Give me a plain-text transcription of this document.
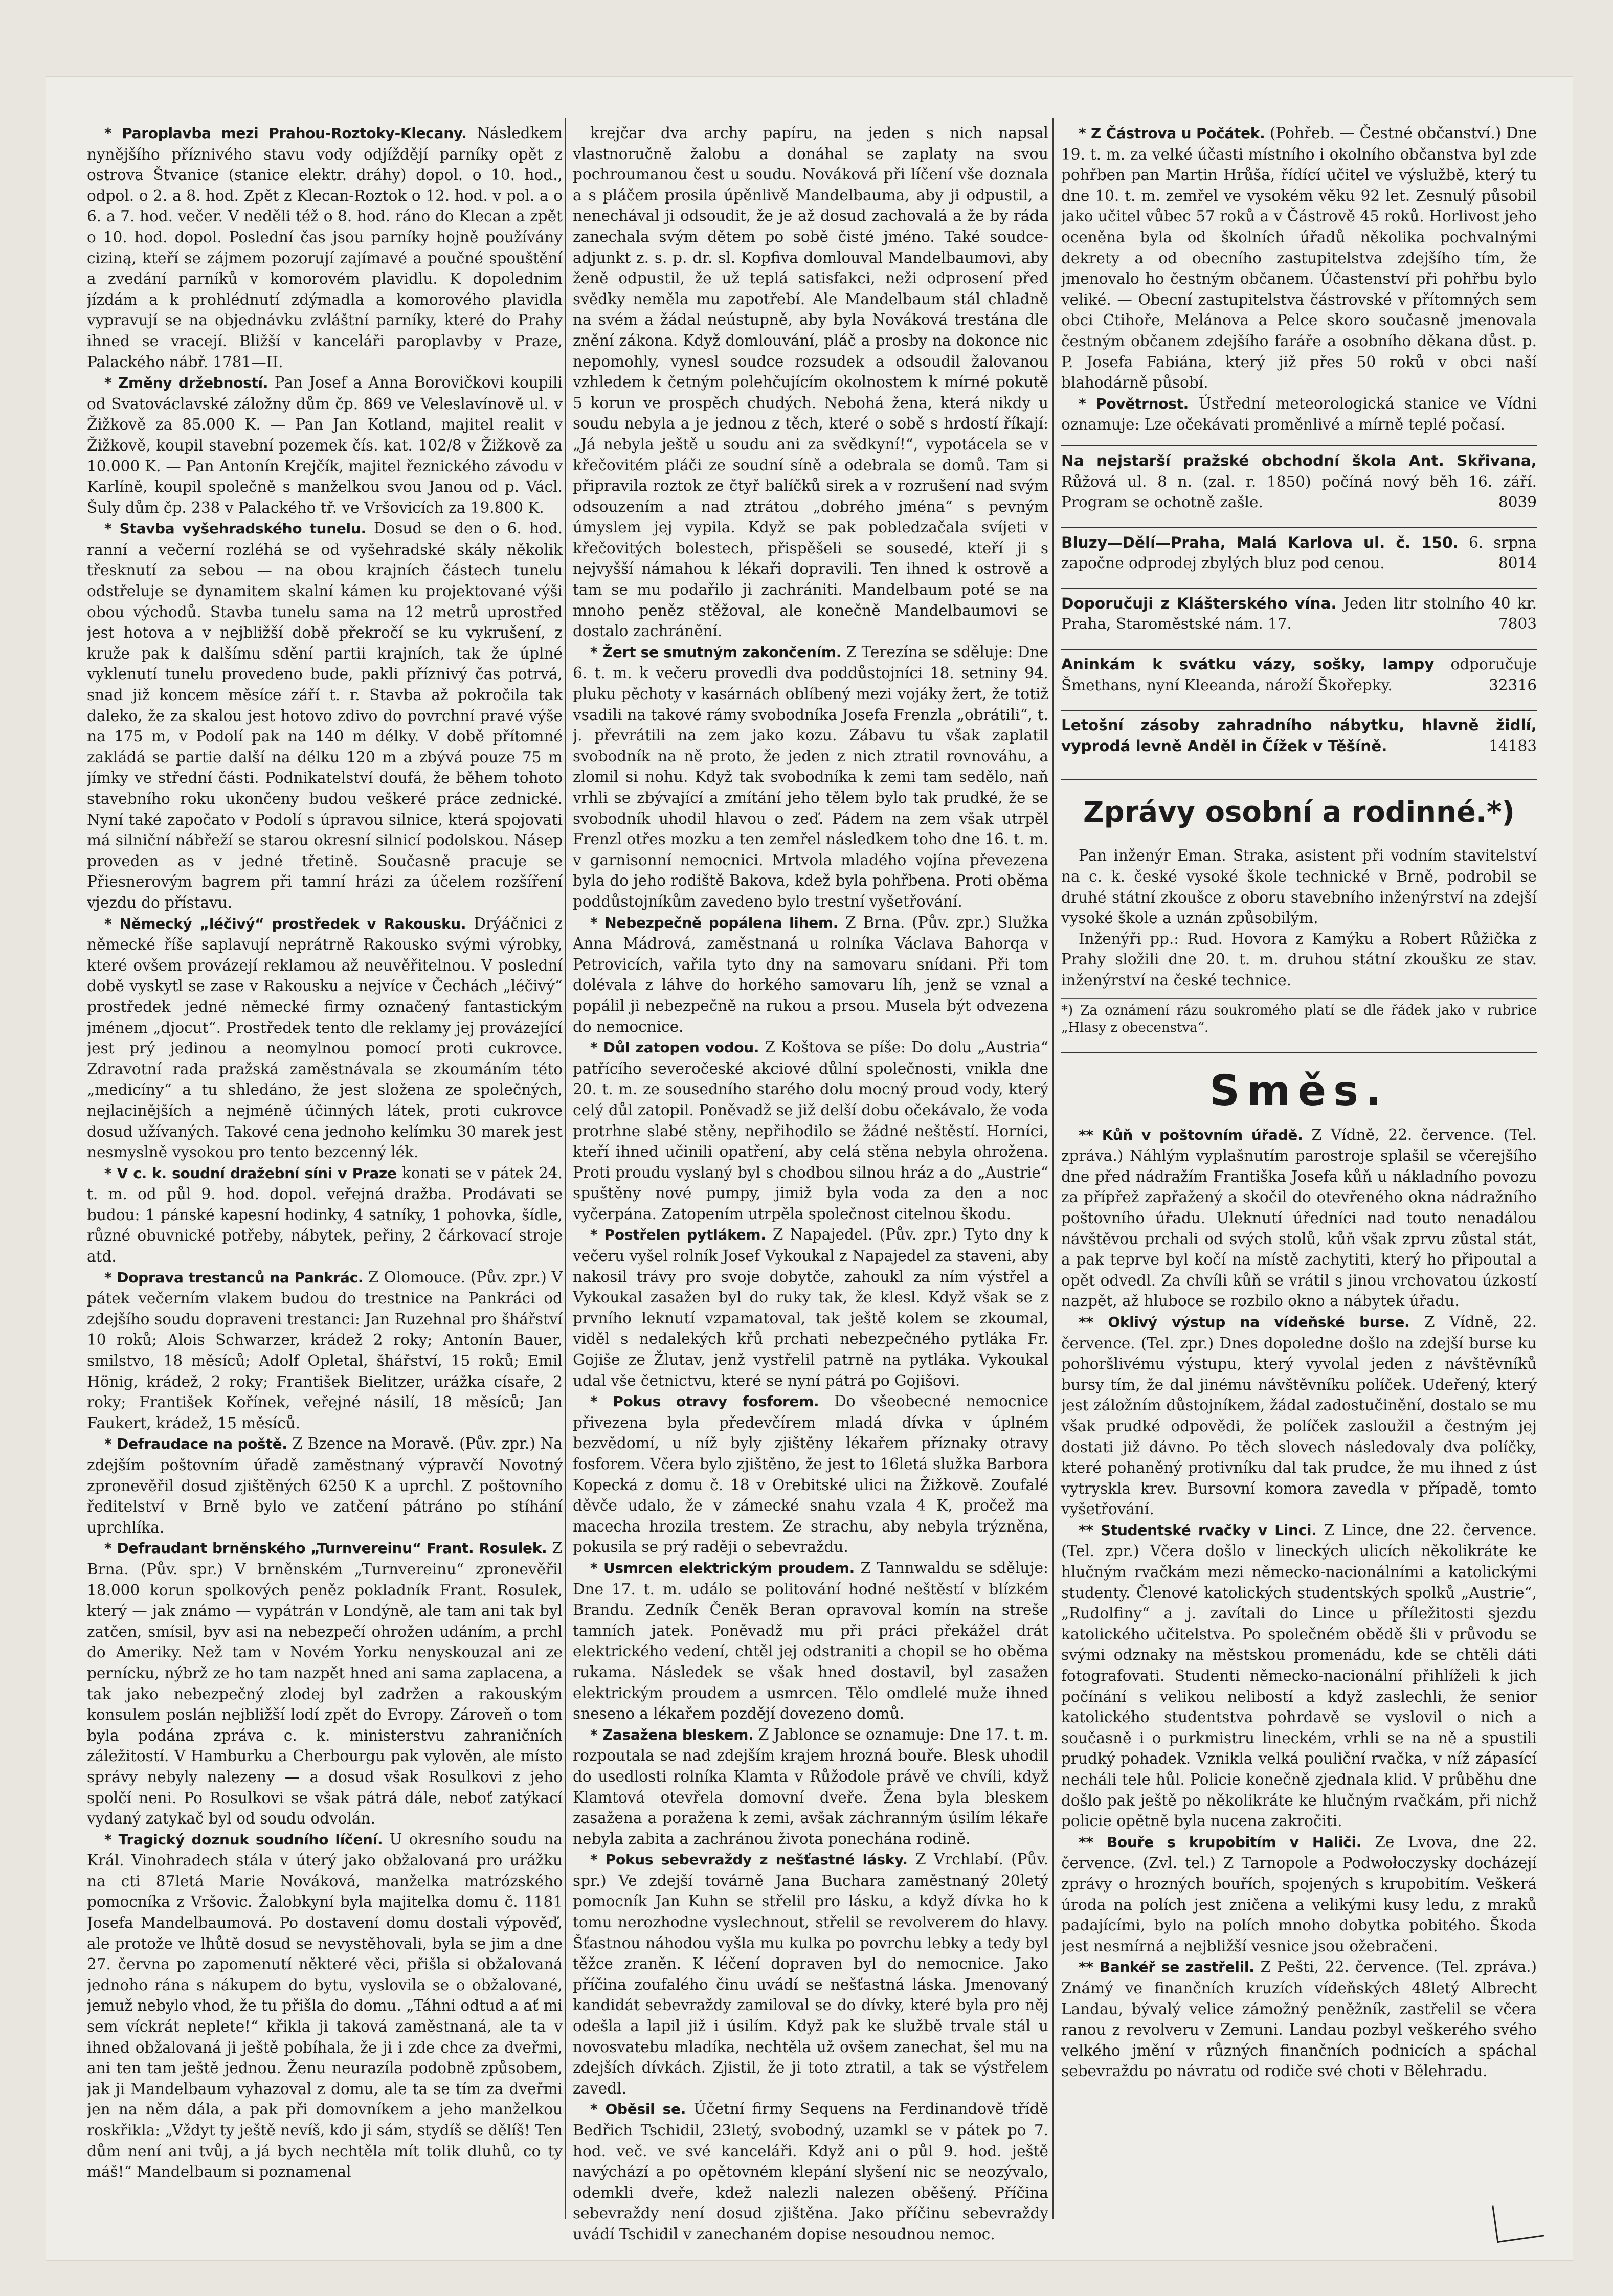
* Paroplavba mezi Prahou-Roztoky-Klecany. Následkem nynějšího příznivého stavu vody odjíždějí parníky opět z ostrova Štvanice (stanice elektr. dráhy) dopol. o 10. hod., odpol. o 2. a 8. hod. Zpět z Klecan-Roztok o 12. hod. v pol. a o 6. a 7. hod. večer. V neděli též o 8. hod. ráno do Klecan a zpět o 10. hod. dopol. Poslední čas jsou parníky hojně používány ciziną, kteří se zájmem pozorují zajímavé a poučné spouštění a zvedání parníků v komorovém plavidlu. K dopolednim jízdám a k prohlédnutí zdýmadla a komorového plavidla vypravují se na objednávku zvláštní parníky, které do Prahy ihned se vracejí. Bližší v kanceláři paroplavby v Praze, Palackého nábř. 1781—II.

* Změny držebností. Pan Josef a Anna Borovičkovi koupili od Svatováclavské záložny dům čp. 869 ve Veleslavínově ul. v Žižkově za 85.000 K. — Pan Jan Kotland, majitel realit v Žižkově, koupil stavební pozemek čís. kat. 102/8 v Žižkově za 10.000 K. — Pan Antonín Krejčík, majitel řeznického závodu v Karlíně, koupil společně s manželkou svou Janou od p. Václ. Šuly dům čp. 238 v Palackého tř. ve Vršovicích za 19.800 K.

* Stavba vyšehradského tunelu. Dosud se den o 6. hod. ranní a večerní rozléhá se od vyšehradské skály několik třesknutí za sebou — na obou krajních částech tunelu odstřeluje se dynamitem skalní kámen ku projektované výši obou východů. Stavba tunelu sama na 12 metrů uprostřed jest hotova a v nejbližší době překročí se ku vykrušení, z kruže pak k dalšímu sdění partii krajních, tak že úplné vyklenutí tunelu provedeno bude, pakli příznivý čas potrvá, snad již koncem měsíce září t. r. Stavba až pokročila tak daleko, že za skalou jest hotovo zdivo do povrchní pravé výše na 175 m, v Podolí pak na 140 m délky. V době přítomné zakládá se partie další na délku 120 m a zbývá pouze 75 m jímky ve střední části. Podnikatelství doufá, že během tohoto stavebního roku ukončeny budou veškeré práce zednické. Nyní také započato v Podolí s úpravou silnice, která spojovati má silniční nábřeží se starou okresní silnicí podolskou. Násep proveden as v jedné třetině. Současně pracuje se Přiesnerovým bagrem při tamní hrázi za účelem rozšíření vjezdu do přístavu.

* Německý „léčivý“ prostředek v Rakousku. Drýáčnici z německé říše saplavují neprátrně Rakousko svými výrobky, které ovšem provázejí reklamou až neuvěřitelnou. V poslední době vyskytl se zase v Rakousku a nejvíce v Čechách „léčivý“ prostředek jedné německé firmy označený fantastickým jménem „djocut“. Prostředek tento dle reklamy jej provázející jest prý jedinou a neomylnou pomocí proti cukrovce. Zdravotní rada pražská zaměstnávala se zkoumáním této „medicíny“ a tu shledáno, že jest složena ze společných, nejlacinějších a nejméně účinných látek, proti cukrovce dosud užívaných. Takové cena jednoho kelímku 30 marek jest nesmyslně vysokou pro tento bezcenný lék.

* V c. k. soudní dražební síni v Praze konati se v pátek 24. t. m. od půl 9. hod. dopol. veřejná dražba. Prodávati se budou: 1 pánské kapesní hodinky, 4 satníky, 1 pohovka, šídle, různé obuvnické potřeby, nábytek, peřiny, 2 čárkovací stroje atd.

* Doprava trestanců na Pankrác. Z Olomouce. (Pův. zpr.) V pátek večerním vlakem budou do trestnice na Pankráci od zdejšího soudu dopraveni trestanci: Jan Ruzehnal pro šhářství 10 roků; Alois Schwarzer, krádež 2 roky; Antonín Bauer, smilstvo, 18 měsíců; Adolf Opletal, šhářství, 15 roků; Emil Hönig, krádež, 2 roky; František Bielitzer, urážka císaře, 2 roky; František Kořínek, veřejné násilí, 18 měsíců; Jan Faukert, krádež, 15 měsíců.

* Defraudace na poště. Z Bzence na Moravě. (Pův. zpr.) Na zdejším poštovním úřadě zaměstnaný výpravčí Novotný zpronevěřil dosud zjištěných 6250 K a uprchl. Z poštovního ředitelství v Brně bylo ve zatčení pátráno po stíhání uprchlíka.

* Defraudant brněnského „Turnvereinu“ Frant. Rosulek. Z Brna. (Pův. spr.) V brněnském „Turnvereinu“ zpronevěřil 18.000 korun spolkových peněz pokladník Frant. Rosulek, který — jak známo — vypátrán v Londýně, ale tam ani tak byl zatčen, smísil, byv asi na nebezpečí ohrožen udáním, a prchl do Ameriky. Než tam v Novém Yorku nenyskouzal ani ze pernícku, nýbrž ze ho tam nazpět hned ani sama zaplacena, a tak jako nebezpečný zlodej byl zadržen a rakouským konsulem poslán nejbližší lodí zpět do Evropy. Zároveň o tom byla podána zpráva c. k. ministerstvu zahraničních záležitostí. V Hamburku a Cherbourgu pak vylověn, ale místo správy nebyly nalezeny — a dosud však Rosulkovi z jeho spolčí neni. Po Rosulkovi se však pátrá dále, neboť zatýkací vydaný zatykač byl od soudu odvolán.

* Tragický doznuk soudního líčení. U okresního soudu na Král. Vinohradech stála v úterý jako obžalovaná pro urážku na cti 87letá Marie Nováková, manželka matrózského pomocníka z Vršovic. Žalobkyní byla majitelka domu č. 1181 Josefa Mandelbaumová. Po dostavení domu dostali výpověď, ale protože ve lhůtě dosud se nevystěhovali, byla se jim a dne 27. června po zapomenutí některé věci, přišla si obžalovaná jednoho rána s nákupem do bytu, vyslovila se o obžalované, jemuž nebylo vhod, že tu přišla do domu. „Táhni odtud a ať mi sem víckrát neplete!“ křikla ji taková zaměstnaná, ale ta v ihned obžalovaná ji ještě pobíhala, že ji i zde chce za dveřmi, ani ten tam ještě jednou. Ženu neurazíla podobně způsobem, jak ji Mandelbaum vyhazoval z domu, ale ta se tím za dveřmi jen na něm dála, a pak při domovníkem a jeho manželkou roskřikla: „Vždyt ty ještě nevíš, kdo ji sám, stydíš se dělíš! Ten dům není ani tvůj, a já bych nechtěla mít tolik dluhů, co ty máš!“ Mandelbaum si poznamenal

krejčar dva archy papíru, na jeden s nich napsal vlastnoručně žalobu a donáhal se zaplaty na svou pochroumanou čest u soudu. Nováková při líčení vše doznala a s pláčem prosila úpěnlivě Mandelbauma, aby ji odpustil, a nenechával ji odsoudit, že je až dosud zachovalá a že by ráda zanechala svým dětem po sobě čisté jméno. Také soudce-adjunkt z. s. p. dr. sl. Kopfiva domlouval Mandelbaumovi, aby ženě odpustil, že už teplá satisfakci, neži odprosení před svědky neměla mu zapotřebí. Ale Mandelbaum stál chladně na svém a žádal neústupně, aby byla Nováková trestána dle znění zákona. Když domlouvání, pláč a prosby na dokonce nic nepomohly, vynesl soudce rozsudek a odsoudil žalovanou vzhledem k četným polehčujícím okolnostem k mírné pokutě 5 korun ve prospěch chudých. Nebohá žena, která nikdy u soudu nebyla a je jednou z těch, které o sobě s hrdostí říkají: „Já nebyla ještě u soudu ani za svědkyní!“, vypotácela se v křečovitém pláči ze soudní síně a odebrala se domů. Tam si připravila roztok ze čtyř balíčků sirek a v rozrušení nad svým odsouzením a nad ztrátou „dobrého jména“ s pevným úmyslem jej vypila. Když se pak pobledzačala svíjeti v křečovitých bolestech, přispěšeli se sousedé, kteří ji s nejvyšší námahou k lékaři dopravili. Ten ihned k ostrově a tam se mu podařilo ji zachrániti. Mandelbaum poté se na mnoho peněz stěžoval, ale konečně Mandelbaumovi se dostalo zachránění.

* Žert se smutným zakončením. Z Terezína se sděluje: Dne 6. t. m. k večeru provedli dva poddůstojníci 18. setniny 94. pluku pěchoty v kasárnách oblíbený mezi vojáky žert, že totiž vsadili na takové rámy svobodníka Josefa Frenzla „obrátili“, t. j. převrátili na zem jako kozu. Zábavu tu však zaplatil svobodník na ně proto, že jeden z nich ztratil rovnováhu, a zlomil si nohu. Když tak svobodníka k zemi tam sedělo, naň vrhli se zbývající a zmítání jeho tělem bylo tak prudké, že se svobodník uhodil hlavou o zeď. Pádem na zem však utrpěl Frenzl otřes mozku a ten zemřel následkem toho dne 16. t. m. v garnisonní nemocnici. Mrtvola mladého vojína převezena byla do jeho rodiště Bakova, kdež byla pohřbena. Proti oběma poddůstojníkům zavedeno bylo trestní vyšetřování.

* Nebezpečně popálena lihem. Z Brna. (Pův. zpr.) Služka Anna Mádrová, zaměstnaná u rolníka Václava Bahorqa v Petrovicích, vařila tyto dny na samovaru snídani. Při tom dolévala z láhve do horkého samovaru líh, jenž se vznal a popálil ji nebezpečně na rukou a prsou. Musela být odvezena do nemocnice.

* Důl zatopen vodou. Z Koštova se píše: Do dolu „Austria“ patřícího severočeské akciové důlní společnosti, vnikla dne 20. t. m. ze sousedního starého dolu mocný proud vody, který celý důl zatopil. Poněvadž se již delší dobu očekávalo, že voda protrhne slabé stěny, nepřihodilo se žádné neštěstí. Horníci, kteří ihned učinili opatření, aby celá stěna nebyla ohrožena. Proti proudu vyslaný byl s chodbou silnou hráz a do „Austrie“ spuštěny nové pumpy, jimiž byla voda za den a noc vyčerpána. Zatopením utrpěla společnost citelnou škodu.

* Postřelen pytlákem. Z Napajedel. (Pův. zpr.) Tyto dny k večeru vyšel rolník Josef Vykoukal z Napajedel za staveni, aby nakosil trávy pro svoje dobytče, zahoukl za ním výstřel a Vykoukal zasažen byl do ruky tak, že klesl. Když však se z prvního leknutí vzpamatoval, tak ještě kolem se zkoumal, viděl s nedalekých křů prchati nebezpečného pytláka Fr. Gojiše ze Žlutav, jenž vystřelil patrně na pytláka. Vykoukal udal vše četnictvu, které se nyní pátrá po Gojišovi.

* Pokus otravy fosforem. Do všeobecné nemocnice přivezena byla předevčírem mladá dívka v úplném bezvědomí, u níž byly zjištěny lékařem příznaky otravy fosforem. Včera bylo zjištěno, že jest to 16letá služka Barbora Kopecká z domu č. 18 v Orebitské ulici na Žižkově. Zoufalé děvče udalo, že v zámecké snahu vzala 4 K, pročež ma macecha hrozila trestem. Ze strachu, aby nebyla trýzněna, pokusila se prý raději o sebevraždu.

* Usmrcen elektrickým proudem. Z Tannwaldu se sděluje: Dne 17. t. m. událo se politování hodné neštěstí v blízkém Brandu. Zedník Čeněk Beran opravoval komín na streše tamních jatek. Poněvadž mu při práci překážel drát elektrického vedení, chtěl jej odstraniti a chopil se ho oběma rukama. Následek se však hned dostavil, byl zasažen elektrickým proudem a usmrcen. Tělo omdlelé muže ihned sneseno a lékařem pozdějí dovezeno domů.

* Zasažena bleskem. Z Jablonce se oznamuje: Dne 17. t. m. rozpoutala se nad zdejším krajem hrozná bouře. Blesk uhodil do usedlosti rolníka Klamta v Růžodole právě ve chvíli, když Klamtová otevřela domovní dveře. Žena byla bleskem zasažena a poražena k zemi, avšak záchranným úsilím lékaře nebyla zabita a zachránou života ponechána rodině.

* Pokus sebevraždy z nešťastné lásky. Z Vrchlabí. (Pův. spr.) Ve zdejší továrně Jana Buchara zaměstnaný 20letý pomocník Jan Kuhn se střelil pro lásku, a když dívka ho k tomu nerozhodne vyslechnout, střelil se revolverem do hlavy. Šťastnou náhodou vyšla mu kulka po povrchu lebky a tedy byl těžce zraněn. K léčení dopraven byl do nemocnice. Jako příčina zoufalého činu uvádí se nešťastná láska. Jmenovaný kandidát sebevraždy zamiloval se do dívky, které byla pro něj odešla a lapil již i úsilím. Když pak ke službě trvale stál u novosvatebu mladíka, nechtěla už ovšem zanechat, šel mu na zdejších dívkách. Zjistil, že ji toto ztratil, a tak se výstřelem zavedl.

* Oběsil se. Účetní firmy Sequens na Ferdinandově třídě Bedřich Tschidil, 23letý, svobodný, uzamkl se v pátek po 7. hod. več. ve své kanceláři. Když ani o půl 9. hod. ještě navýchází a po opětovném klepání slyšení nic se neozývalo, odemkli dveře, kdež nalezli nalezen oběšený. Příčina sebevraždy není dosud zjištěna. Jako příčinu sebevraždy uvádí Tschidil v zanechaném dopise nesoudnou nemoc.

* Z Částrova u Počátek. (Pohřeb. — Čestné občanství.) Dne 19. t. m. za velké účasti místního i okolního občanstva byl zde pohřben pan Martin Hrůša, řídící učitel ve výslužbě, který tu dne 10. t. m. zemřel ve vysokém věku 92 let. Zesnulý působil jako učitel vůbec 57 roků a v Částrově 45 roků. Horlivost jeho oceněna byla od školních úřadů několika pochvalnými dekrety a od obecního zastupitelstva zdejšího tím, že jmenovalo ho čestným občanem. Účastenství při pohřbu bylo veliké. — Obecní zastupitelstva částrovské v přítomných sem obci Ctihoře, Melánova a Pelce skoro současně jmenovala čestným občanem zdejšího faráře a osobního děkana důst. p. P. Josefa Fabiána, který již přes 50 roků v obci naší blahodárně působí.

* Povětrnost. Ústřední meteorologická stanice ve Vídni oznamuje: Lze očekávati proměnlivé a mírně teplé počasí.

Na nejstarší pražské obchodní škola Ant. Skřivana, Růžová ul. 8 n. (zal. r. 1850) počíná nový běh 16. září. Program se ochotně zašle.	8039

Bluzy—Dělí—Praha, Malá Karlova ul. č. 150. 6. srpna započne odprodej zbylých bluz pod cenou.	8014

Doporučuji z Klášterského vína. Jeden litr stolního 40 kr. Praha, Staroměstské nám. 17.	7803

Aninkám k svátku vázy, sošky, lampy odporučuje Šmethans, nyní Kleeanda, nároží Škořepky.	32316

Letošní zásoby zahradního nábytku, hlavně židlí, vyprodá levně Anděl in Čížek v Těšíně.	14183

Zprávy osobní a rodinné.*)

Pan inženýr Eman. Straka, asistent při vodním stavitelství na c. k. české vysoké škole technické v Brně, podrobil se druhé státní zkoušce z oboru stavebního inženýrství na zdejší vysoké škole a uznán způsobilým.

Inženýři pp.: Rud. Hovora z Kamýku a Robert Růžička z Prahy složili dne 20. t. m. druhou státní zkoušku ze stav. inženýrství na české technice.

*) Za oznámení rázu soukromého platí se dle řádek jako v rubrice „Hlasy z obecenstva“.

Směs.

** Kůň v poštovním úřadě. Z Vídně, 22. července. (Tel. zpráva.) Náhlým vyplašnutím parostroje splašil se včerejšího dne před nádražím Františka Josefa kůň u nákladního povozu za přípřež zapřažený a skočil do otevřeného okna nádražního poštovního úřadu. Uleknutí úředníci nad touto nenadálou návštěvou prchali od svých stolů, kůň však zprvu zůstal stát, a pak teprve byl kočí na místě zachytiti, který ho připoutal a opět odvedl. Za chvíli kůň se vrátil s jinou vrchovatou úzkostí nazpět, až hluboce se rozbilo okno a nábytek úřadu.

** Oklivý výstup na vídeňské burse. Z Vídně, 22. července. (Tel. zpr.) Dnes dopoledne došlo na zdejší burse ku pohoršlivému výstupu, který vyvolal jeden z návštěvníků bursy tím, že dal jinému návštěvníku políček. Udeřený, který jest záložním důstojníkem, žádal zadostučinění, dostalo se mu však prudké odpovědi, že políček zasloužil a čestným jej dostati již dávno. Po těch slovech následovaly dva políčky, které pohaněný protivníku dal tak prudce, že mu ihned z úst vytryskla krev. Bursovní komora zavedla v případě, tomto vyšetřování.

** Studentské rvačky v Linci. Z Lince, dne 22. července. (Tel. zpr.) Včera došlo v lineckých ulicích několikráte ke hlučným rvačkám mezi německo-nacionálními a katolickými studenty. Členové katolických studentských spolků „Austrie“, „Rudolfiny“ a j. zavítali do Lince u příležitosti sjezdu katolického učitelstva. Po společném obědě šli v průvodu se svými odznaky na městskou promenádu, kde se chtěli dáti fotografovati. Studenti německo-nacionální přihlíželi k jich počínání s velikou nelibostí a když zaslechli, že senior katolického studentstva pohrdavě se vyslovil o nich a současně i o purkmistru lineckém, vrhli se na ně a spustili prudký pohadek. Vznikla velká pouliční rvačka, v níž zápasící necháli tele hůl. Policie konečně zjednala klid. V průběhu dne došlo pak ještě po několikráte ke hlučným rvačkám, při nichž policie opětně byla nucena zakročiti.

** Bouře s krupobitím v Haliči. Ze Lvova, dne 22. července. (Zvl. tel.) Z Tarnopole a Podwołoczysky docházejí zprávy o hrozných bouřích, spojených s krupobitím. Veškerá úroda na polích jest zničena a velikými kusy ledu, z mraků padajícími, bylo na polích mnoho dobytka pobitého. Škoda jest nesmírná a nejbližší vesnice jsou ožebračeni.

** Bankéř se zastřelil. Z Pešti, 22. července. (Tel. zpráva.) Známý ve finančních kruzích vídeňských 48letý Albrecht Landau, bývalý velice zámožný peněžník, zastřelil se včera ranou z revolveru v Zemuni. Landau pozbyl veškerého svého velkého jmění v různých finančních podnicích a spáchal sebevraždu po návratu od rodiče své choti v Bělehradu.
